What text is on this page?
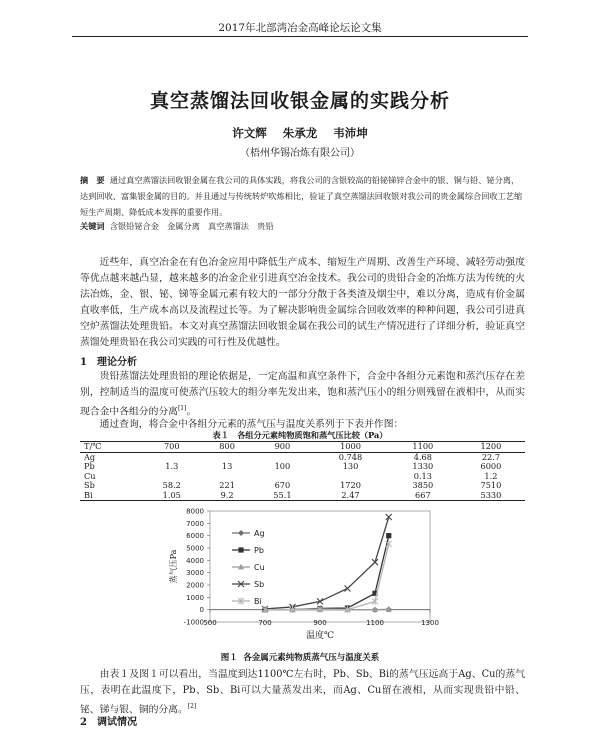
2017年北部湾冶金高峰论坛论文集
真空蒸馏法回收银金属的实践分析
许文辉 朱承龙 韦沛坤
（梧州华锡冶炼有限公司）
摘　要 通过真空蒸馏法回收银金属在我公司的具体实践，将我公司的含银较高的铅铋锑锌合金中的银、铜与铅、铋分离，达到回收、富集银金属的目的。并且通过与传统转炉吹炼相比，验证了真空蒸馏法回收银对我公司的贵金属综合回收工艺缩短生产周期、降低成本发挥的重要作用。
关键词 含银铅铋合金　金属分离　真空蒸馏法　贵铅
近些年，真空冶金在有色冶金应用中降低生产成本、缩短生产周期、改善生产环境、减轻劳动强度等优点越来越凸显，越来越多的冶金企业引进真空冶金技术。我公司的贵铅合金的冶炼方法为传统的火法冶炼，金、银、铋、锑等金属元素有较大的一部分分散于各类渣及烟尘中，难以分离，造成有价金属直收率低，生产成本高以及流程过长等。为了解决影响贵金属综合回收效率的种种问题，我公司引进真空炉蒸馏法处理贵铅。本文对真空蒸馏法回收银金属在我公司的试生产情况进行了详细分析，验证真空蒸馏处理贵铅在我公司实践的可行性及优越性。
1　理论分析
贵铅蒸馏法处理贵铅的理论依据是，一定高温和真空条件下，合金中各组分元素饱和蒸汽压存在差别，控制适当的温度可使蒸汽压较大的组分率先发出来，饱和蒸汽压小的组分则残留在液相中，从而实现合金中各组分的分离[1]。
通过查询，将合金中各组分元素的蒸气压与温度关系列于下表并作图：
表１　各组分元素纯物质饱和蒸气压比较（Pa）
T/℃	700	800	900	1000	1100	1200
Ag				0.748	4.68	22.7
Pb	1.3	13	100	130	1330	6000
Cu					0.13	1.2
Sb	58.2	221	670	1720	3850	7510
Bi	1.05	9.2	55.1	2.47	667	5330
-1000
0
1000
2000
3000
4000
5000
6000
7000
8000
500	700	900	1100	1300
温度℃
蒸气压Pa
Ag
Pb
Cu
Sb
Bi
图１ 各金属元素纯物质蒸气压与温度关系
由表１及图１可以看出，当温度到达1100℃左右时，Pb、Sb、Bi的蒸气压远高于Ag、Cu的蒸气压，表明在此温度下，Pb、Sb、Bi可以大量蒸发出来，而Ag、Cu留在液相，从而实现贵铅中铅、铋、锑与银、铜的分离。[2]
2　调试情况
